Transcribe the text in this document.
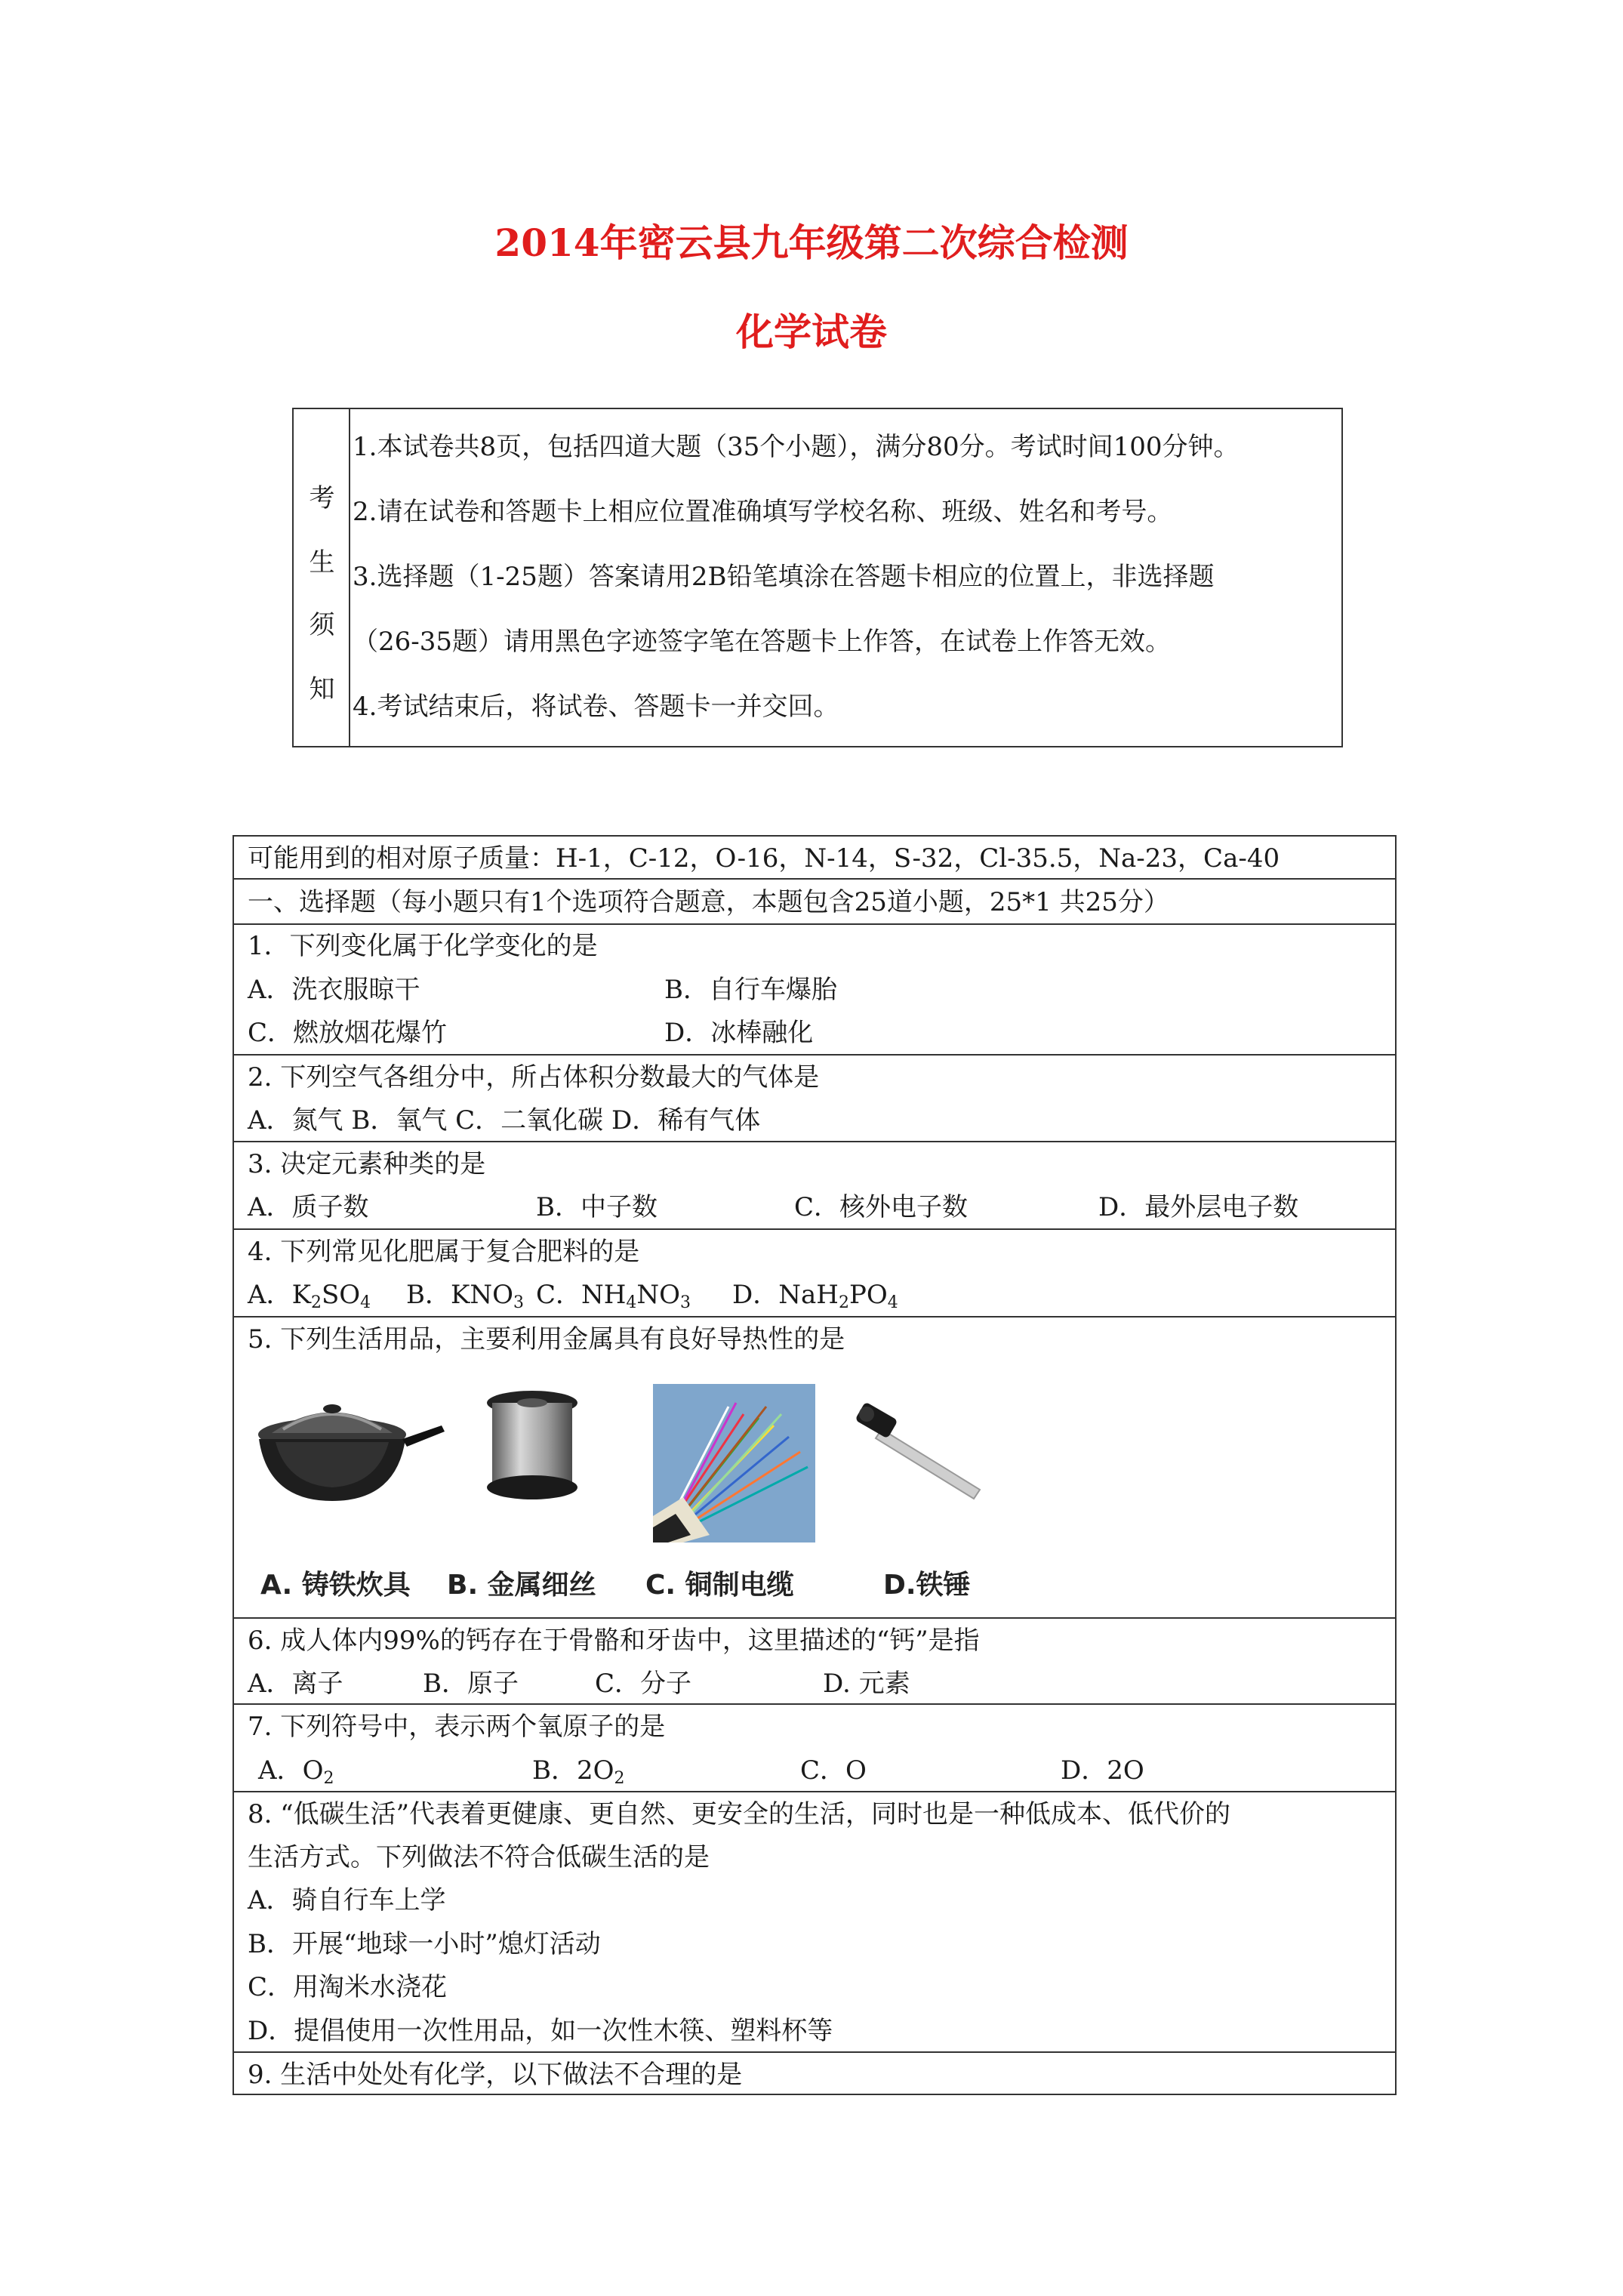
2014年密云县九年级第二次综合检测
化学试卷
考
生
须
知
1.本试卷共8页，包括四道大题（35个小题），满分80分。考试时间100分钟。
2.请在试卷和答题卡上相应位置准确填写学校名称、班级、姓名和考号。
3.选择题（1-25题）答案请用2B铅笔填涂在答题卡相应的位置上，非选择题
（26-35题）请用黑色字迹签字笔在答题卡上作答，在试卷上作答无效。
4.考试结束后，将试卷、答题卡一并交回。
可能用到的相对原子质量：H-1，C-12，O-16，N-14，S-32，Cl-35.5，Na-23，Ca-40
一、选择题（每小题只有1个选项符合题意，本题包含25道小题，25*1 共25分）
1．下列变化属于化学变化的是
A．洗衣服晾干	B．自行车爆胎
C．燃放烟花爆竹	D．冰棒融化
2. 下列空气各组分中，所占体积分数最大的气体是
A．氮气 B．氧气 C．二氧化碳 D．稀有气体
3. 决定元素种类的是
A．质子数	B．中子数	C．核外电子数	D．最外层电子数
4. 下列常见化肥属于复合肥料的是
A．$K_2SO_4$ B．$KNO_3$ C．$NH_4NO_3$ D．$NaH_2PO_4$
5. 下列生活用品，主要利用金属具有良好导热性的是
A. 铸铁炊具 B. 金属细丝 C. 铜制电缆	D.铁锤
6. 成人体内99%的钙存在于骨骼和牙齿中，这里描述的“钙”是指
A．离子	B．原子	C．分子	D. 元素
7. 下列符号中，表示两个氧原子的是
A．$O_2$	B．$2O_2$	C．O	D．2O
8. “低碳生活”代表着更健康、更自然、更安全的生活，同时也是一种低成本、低代价的
生活方式。下列做法不符合低碳生活的是
A．骑自行车上学
B．开展“地球一小时”熄灯活动
C．用淘米水浇花
D．提倡使用一次性用品，如一次性木筷、塑料杯等
9. 生活中处处有化学，以下做法不合理的是
